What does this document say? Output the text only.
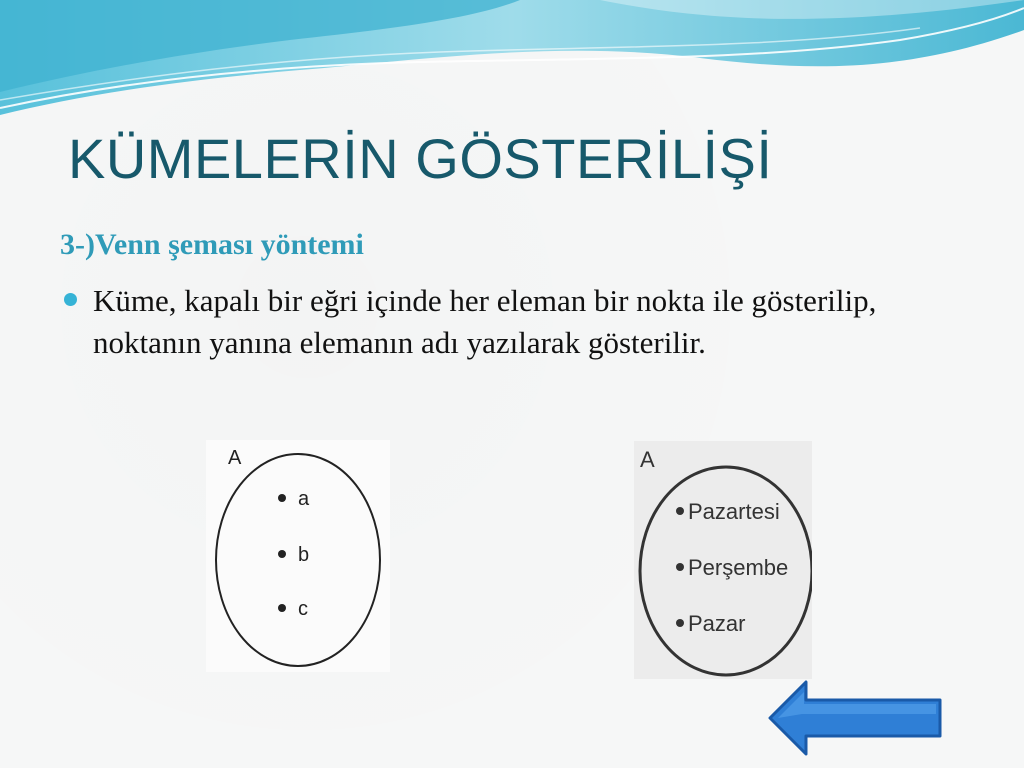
KÜMELERİN GÖSTERİLİŞİ

3-)Venn şeması yöntemi

Küme, kapalı bir eğri içinde her eleman bir nokta ile gösterilip, noktanın yanına elemanın adı yazılarak gösterilir.
A
a
b
c
A
Pazartesi
Perşembe
Pazar
